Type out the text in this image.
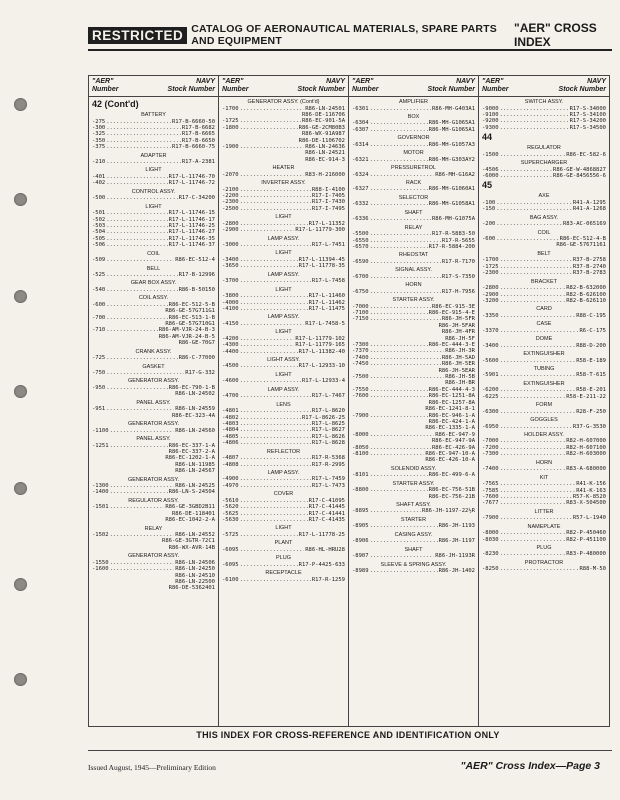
RESTRICTED CATALOG OF AERONAUTICAL MATERIALS, SPARE PARTS AND EQUIPMENT
"AER" CROSS INDEX
"AER"
Number
NAVY
Stock Number
42 (Cont'd)
BATTERY
-275 .....	R17-B-6660-50
-300 .....	R17-B-6682
-325 .....	R17-B-6665
-350 .....	R17-B-6650
-375 .....	R17-B-6660-75
ADAPTER
-210 .....	R17-A-2381
LIGHT
-401 .....	R17-L-11746-70
-402 .....	R17-L-11746-72
CONTROL ASSY.
-500 .....	R17-C-34200
LIGHT
-501 .....	R17-L-11746-15
-502 .....	R17-L-11746-17
-503 .....	R17-L-11746-25
-504 .....	R17-L-11746-27
-505 .....	R17-L-11746-35
-506 .....	R17-L-11746-37
COIL
-509 .....	R86-EC-512-4
BELL
-525 .....	R17-B-12996
GEAR BOX ASSY.
-540 .....	R86-B-50150
COIL ASSY.
-600 .....	R86-EC-512-5-B
R86-GE-57G711G1
-700 .....	R86-EC-513-1-B
R86-GE-57G710G1
-710 .....	R86-AM-VJR-24-B-3
R86-AM-VJR-24-B-5
R86-GE-70G7
CRANK ASSY.
-725 .....	R86-C-77000
GASKET
-750 .....	R17-G-332
GENERATOR ASSY.
-950 .....	R86-EC-790-1-B
R86-LN-24502
PANEL ASSY.
-951 .....	R86-LN-24559
R86-EC-323-4A
GENERATOR ASSY.
-1100 .....	R86-LN-24560
PANEL ASSY.
-1251 .....	R86-EC-337-1-A
R86-EC-337-2-A
R86-EC-1202-1-A
R86-LN-11985
R86-LN-24567
GENERATOR ASSY.
-1300 .....	R86-LN-24525
-1400 .....	R86-LN-S-24504
REGULATOR ASSY.
-1501 .....	R86-GE-3GBD2B11
R86-DE-118401
R86-EC-1042-2-A
RELAY
-1502 .....	R86-LN-24552
R86-GE-3GTR-72C1
R86-WX-AVR-14B
GENERATOR ASSY.
-1550 .....	R86-LN-24506
-1600 .....	R86-LN-24250
R86-LN-24510
R86-LN-22500
R86-DE-5362401
"AER"
Number
NAVY
Stock Number
GENERATOR ASSY. (Cont'd)
-1700 .....	R86-LN-24501
R86-DE-116706
-1725 .....	R86-EC-901-5A
-1800 .....	R86-GE-2CM80B3
R86-WX-91A987
R86-DE-1106702
-1900 .....	R86-LN-24636
R86-LN-24521
R86-EC-914-3
HEATER
-2070 .....	R83-H-216000
INVERTER ASSY.
-2100 .....	R88-I-4100
-2200 .....	R17-I-7405
-2300 .....	R17-I-7430
-2500 .....	R17-I-7495
LIGHT
-2800 .....	R17-L-11352
-2900 .....	R17-L-11779-300
LAMP ASSY.
-3000 .....	R17-L-7451
LIGHT
-3400 .....	R17-L-11394-45
-3650 .....	R17-L-11778-35
LAMP ASSY.
-3700 .....	R17-L-7458
LIGHT
-3800 .....	R17-L-11460
-4000 .....	R17-L-11462
-4100 .....	R17-L-11475
LAMP ASSY.
-4150 .....	R17-L-7458-5
LIGHT
-4200 .....	R17-L-11779-102
-4300 .....	R17-L-11779-165
-4400 .....	R17-L-11382-40
LIGHT ASSY.
-4500 .....	R17-L-12933-10
LIGHT
-4600 .....	R17-L-12933-4
LAMP ASSY.
-4700 .....	R17-L-7467
LENS
-4801 .....	R17-L-8620
-4802 .....	R17-L-8626-25
-4803 .....	R17-L-8625
-4804 .....	R17-L-8627
-4805 .....	R17-L-8626
-4806 .....	R17-L-8628
REFLECTOR
-4807 .....	R17-R-5368
-4808 .....	R17-R-2995
LAMP ASSY.
-4900 .....	R17-L-7459
-4970 .....	R17-L-7473
COVER
-5610 .....	R17-C-41095
-5620 .....	R17-C-41445
-5625 .....	R17-C-41441
-5630 .....	R17-C-41435
LIGHT
-5725 .....	R17-L-11778-25
PLANT
-6095 .....	R86-HL-HRU28
PLUG
-6095 .....	R17-P-4425-633
RECEPTACLE
-6100 .....	R17-R-1259
"AER"
Number
NAVY
Stock Number
AMPLIFIER
-6301 .....	R86-MH-G403A1
BOX
-6304 .....	R86-MH-G1065A1
-6307 .....	R86-MH-G1065A1
GOVERNOR
-6314 .....	R86-MH-G1057A3
MOTOR
-6321 .....	R86-MH-G303AY2
PRESSURETROL
-6324 .....	R86-MH-G16A2
RACK
-6327 .....	R86-MH-G1060A1
SELECTOR
-6332 .....	R86-MH-G1058A1
SHAFT
-6336 .....	R86-MH-G1075A
RELAY
-5500 .....	R17-R-5883-50
-6550 .....	R17-R-5655
-6570 .....	R17-R-5884-200
RHEOSTAT
-6590 .....	R17-R-7170
SIGNAL ASSY.
-6700 .....	R17-S-7350
HORN
-6750 .....	R17-H-7956
STARTER ASSY.
-7000 .....	R86-EC-915-3E
-7100 .....	R86-EC-915-4-E
-7150 .....	R86-JH-5FR
R86-JH-5FAR
R86-JH-4FR
R86-JH-5F
-7300 .....	R86-EC-444-3-E
-7370 .....	R86-JH-3R
-7400 .....	R86-JH-5AD
-7450 .....	R86-JH-5ER
R86-JH-5EAR
-7500 .....	R86-JH-5B
R86-JH-BR
-7550 .....	R86-EC-444-4-3
-7600 .....	R86-EC-1251-8A
R86-EC-1257-8A
R86-EC-1241-8-1
-7900 .....	R86-EC-946-1-A
R86-EC-424-1-A
R86-EC-1335-1-A
-8000 .....	R86-EC-947-9
R86-EC-947-9A
-8050 .....	R86-EC-426-9A
-8100 .....	R86-EC-947-10-A
R86-EC-426-10-A
SOLENOID ASSY.
-8101 .....	R86-EC-499-6-A
STARTER ASSY.
-8800 .....	R86-EC-756-51B
R86-EC-756-21B
SHAFT ASSY.
-8895 .....	R86-JH-1197-22½R
STARTER
-8905 .....	R86-JH-1193
CASING ASSY.
-8906 .....	R86-JH-1197
SHAFT
-8907 .....	R86-JH-1193R
SLEEVE & SPRING ASSY.
-8989 .....	R86-JH-1402
"AER"
Number
NAVY
Stock Number
SWITCH ASSY.
-9000 .....	R17-S-34000
-9100 .....	R17-S-34100
-9200 .....	R17-S-34200
-9300 .....	R17-S-34500
44
REGULATOR
-1500 .....	R86-EC-582-6
SUPERCHARGER
-4506 .....	R86-GE-W-4868827
-6000 .....	R86-GE-8456556-6
45
AXE
-100 .....	R41-A-1295
-150 .....	R41-A-1268
BAG ASSY.
-200 .....	R83-AC-065169
COIL
-600 .....	R86-EC-512-4-B
R86-GE-57671161
BELT
-1700 .....	R37-B-2758
-1725 .....	R37-B-2740
-2300 .....	R37-B-2783
BRACKET
-2800 .....	R82-B-632000
-2900 .....	R82-B-626100
-3200 .....	R82-B-626110
CARD
-3350 .....	R88-C-195
CASE
-3370 .....	R6-C-175
DOME
-3400 .....	R88-D-200
EXTINGUISHER
-5600 .....	R58-E-189
TUBING
-5901 .....	R58-T-615
EXTINGUISHER
-6200 .....	R58-E-201
-6225 .....	R58-E-211-22
FORM
-6300 .....	R28-F-250
GOGGLES
-6950 .....	R37-G-3530
HOLDER ASSY.
-7000 .....	R82-H-607000
-7200 .....	R82-H-607100
-7300 .....	R82-H-603000
HORN
-7400 .....	R83-A-680000
KIT
-7565 .....	R41-K-156
-7585 .....	R41-K-163
-7600 .....	R57-K-8520
-7677 .....	R83-X-504500
LITTER
-7900 .....	R57-L-1940
NAMEPLATE
-8000 .....	R82-P-450460
-8030 .....	R82-P-451100
PLUG
-8230 .....	R83-P-480000
PROTRACTOR
-8250 .....	R88-M-50
THIS INDEX FOR CROSS-REFERENCE AND IDENTIFICATION ONLY
Issued August, 1945—Preliminary Edition	"AER" Cross Index—Page 3
